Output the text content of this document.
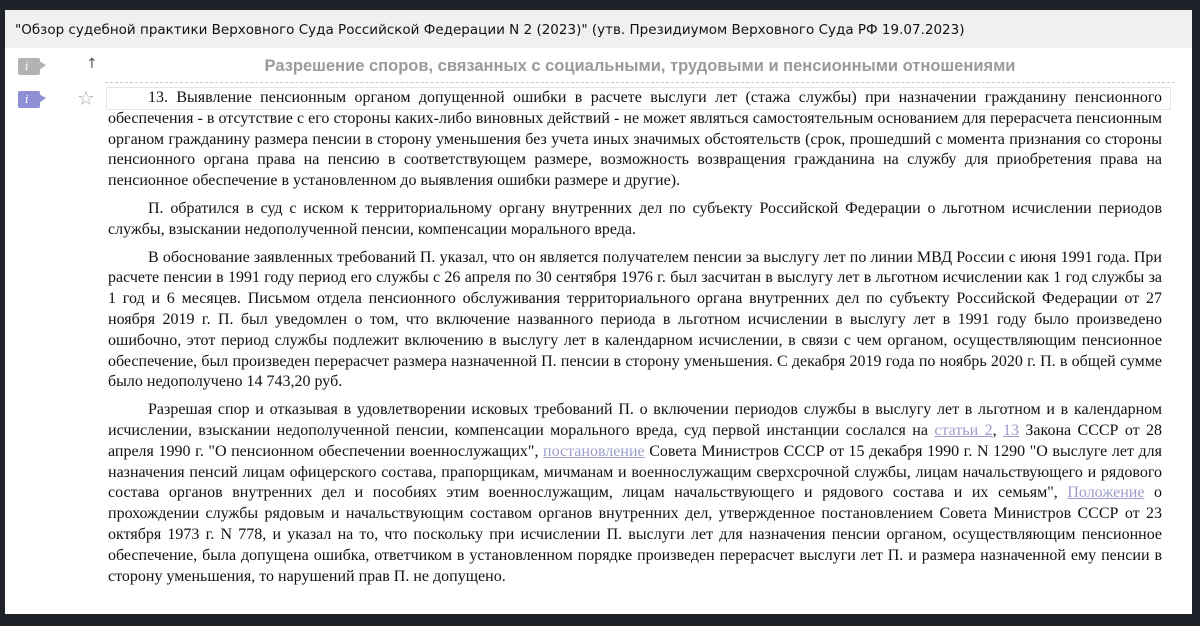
"Обзор судебной практики Верховного Суда Российской Федерации N 2 (2023)" (утв. Президиумом Верховного Суда РФ 19.07.2023)
i	↑	Разрешение споров, связанных с социальными, трудовыми и пенсионными отношениями
i	☆	13. Выявление пенсионным органом допущенной ошибки в расчете выслуги лет (стажа службы) при назначении гражданину пенсионного обеспечения - в отсутствие с его стороны каких-либо виновных действий - не может являться самостоятельным основанием для перерасчета пенсионным органом гражданину размера пенсии в сторону уменьшения без учета иных значимых обстоятельств (срок, прошедший с момента признания со стороны пенсионного органа права на пенсию в соответствующем размере, возможность возвращения гражданина на службу для приобретения права на пенсионное обеспечение в установленном до выявления ошибки размере и другие).

П. обратился в суд с иском к территориальному органу внутренних дел по субъекту Российской Федерации о льготном исчислении периодов службы, взыскании недополученной пенсии, компенсации морального вреда.

В обоснование заявленных требований П. указал, что он является получателем пенсии за выслугу лет по линии МВД России с июня 1991 года. При расчете пенсии в 1991 году период его службы с 26 апреля по 30 сентября 1976 г. был засчитан в выслугу лет в льготном исчислении как 1 год службы за 1 год и 6 месяцев. Письмом отдела пенсионного обслуживания территориального органа внутренних дел по субъекту Российской Федерации от 27 ноября 2019 г. П. был уведомлен о том, что включение названного периода в льготном исчислении в выслугу лет в 1991 году было произведено ошибочно, этот период службы подлежит включению в выслугу лет в календарном исчислении, в связи с чем органом, осуществляющим пенсионное обеспечение, был произведен перерасчет размера назначенной П. пенсии в сторону уменьшения. С декабря 2019 года по ноябрь 2020 г. П. в общей сумме было недополучено 14 743,20 руб.

Разрешая спор и отказывая в удовлетворении исковых требований П. о включении периодов службы в выслугу лет в льготном и в календарном исчислении, взыскании недополученной пенсии, компенсации морального вреда, суд первой инстанции сослался на статьи 2, 13 Закона СССР от 28 апреля 1990 г. "О пенсионном обеспечении военнослужащих", постановление Совета Министров СССР от 15 декабря 1990 г. N 1290 "О выслуге лет для назначения пенсий лицам офицерского состава, прапорщикам, мичманам и военнослужащим сверхсрочной службы, лицам начальствующего и рядового состава органов внутренних дел и пособиях этим военнослужащим, лицам начальствующего и рядового состава и их семьям", Положение о прохождении службы рядовым и начальствующим составом органов внутренних дел, утвержденное постановлением Совета Министров СССР от 23 октября 1973 г. N 778, и указал на то, что поскольку при исчислении П. выслуги лет для назначения пенсии органом, осуществляющим пенсионное обеспечение, была допущена ошибка, ответчиком в установленном порядке произведен перерасчет выслуги лет П. и размера назначенной ему пенсии в сторону уменьшения, то нарушений прав П. не допущено.
